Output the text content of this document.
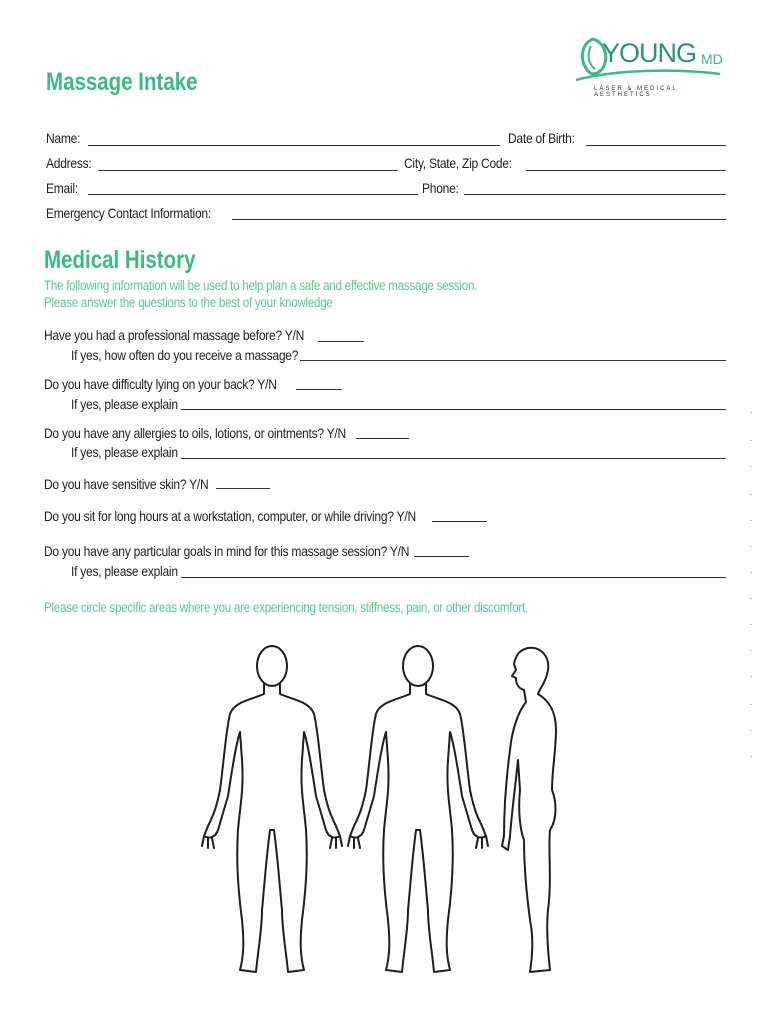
YOUNG MD
LASER & MEDICAL AESTHETICS
Massage Intake
Name:	Date of Birth:
Address:	City, State, Zip Code:
Email:	Phone:
Emergency Contact Information:
Medical History
The following information will be used to help plan a safe and effective massage session.
Please answer the questions to the best of your knowledge
Have you had a professional massage before? Y/N
If yes, how often do you receive a massage?
Do you have difficulty lying on your back? Y/N
If yes, please explain
Do you have any allergies to oils, lotions, or ointments? Y/N
If yes, please explain
Do you have sensitive skin? Y/N
Do you sit for long hours at a workstation, computer, or while driving? Y/N
Do you have any particular goals in mind for this massage session? Y/N
If yes, please explain
Please circle specific areas where you are experiencing tension, stiffness, pain, or other discomfort.
